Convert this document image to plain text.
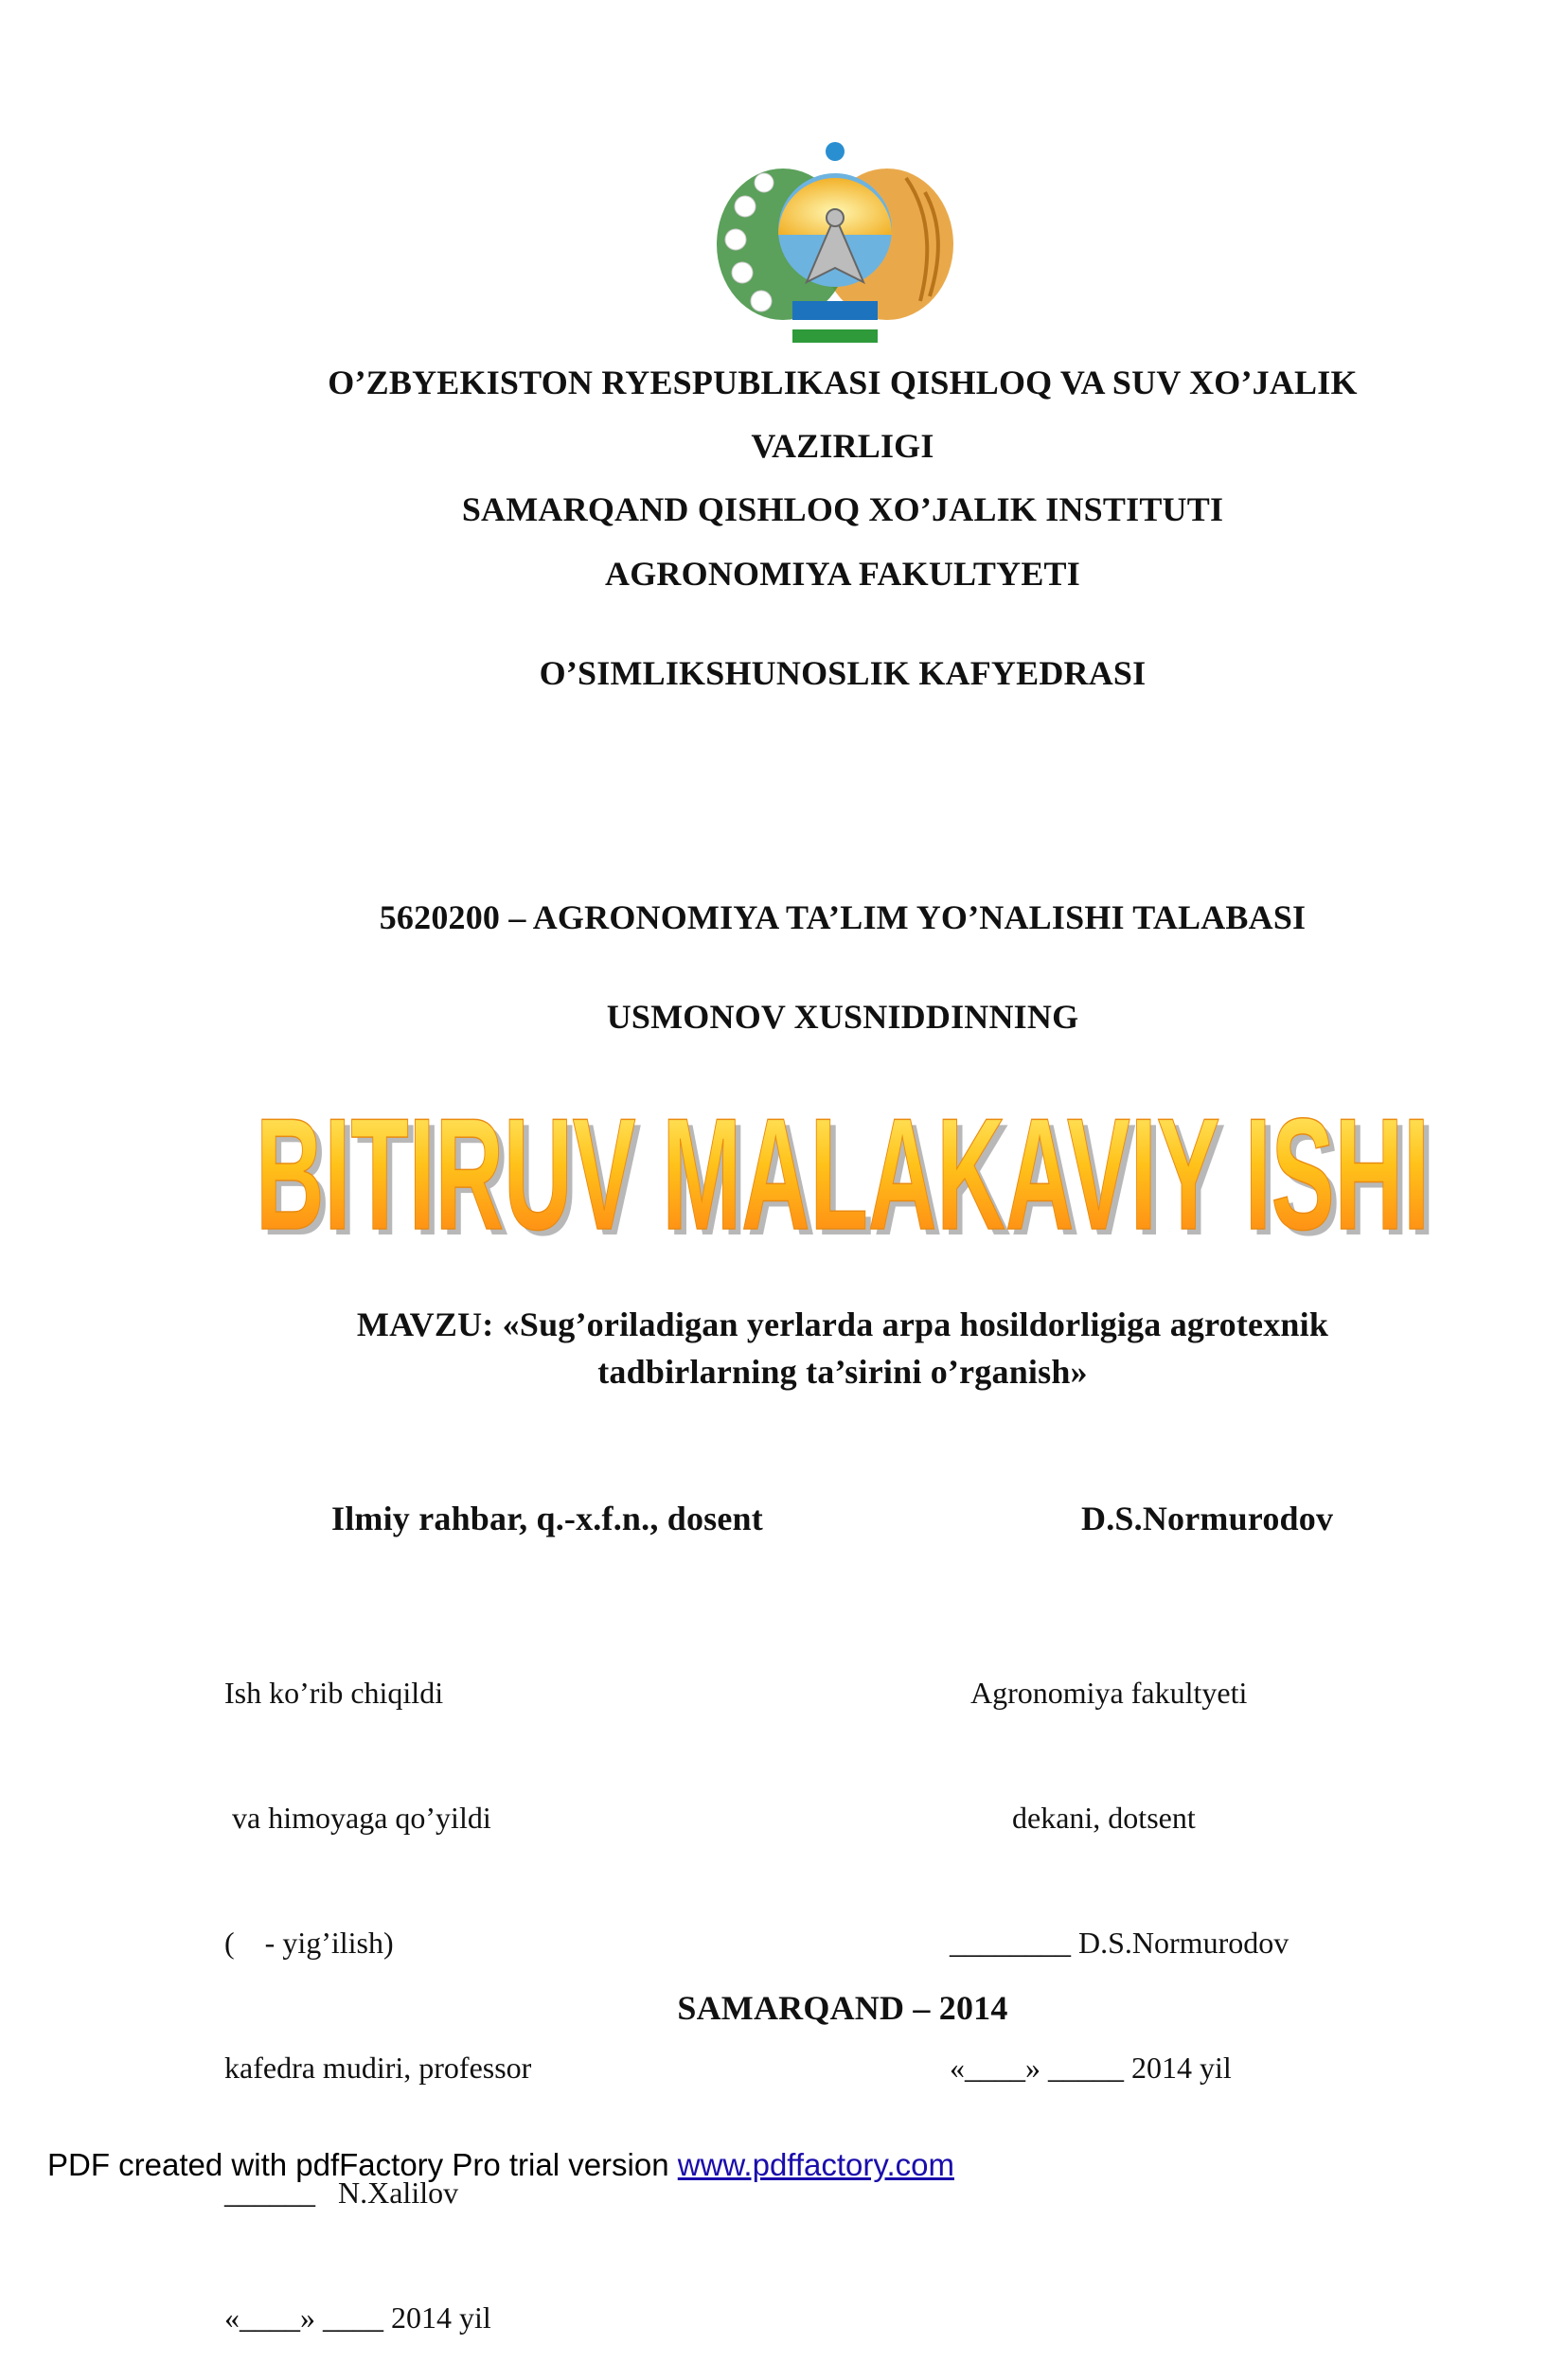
O’ZBYEKISTON RYESPUBLIKASI QISHLOQ VA SUV XO’JALIK
VAZIRLIGI
SAMARQAND QISHLOQ XO’JALIK INSTITUTI
AGRONOMIYA FAKULTYETI
O’SIMLIKSHUNOSLIK KAFYEDRASI
5620200 – AGRONOMIYA TA’LIM YO’NALISHI TALABASI
USMONOV XUSNIDDINNING
BITIRUV MALAKAVIY ISHI
BITIRUV MALAKAVIY ISHI
MAVZU: «Sug’oriladigan yerlarda arpa hosildorligiga agrotexnik
tadbirlarning ta’sirini o’rganish»
Ilmiy rahbar, q.-x.f.n., dosent	D.S.Normurodov

Ish ko’rib chiqildi

va himoyaga qo’yildi

(    - yig’ilish)

kafedra mudiri, professor

______   N.Xalilov

«____» ____ 2014 yil

Agronomiya fakultyeti

dekani, dotsent

________ D.S.Normurodov

«____» _____ 2014 yil

SAMARQAND – 2014
PDF created with pdfFactory Pro trial version www.pdffactory.com
